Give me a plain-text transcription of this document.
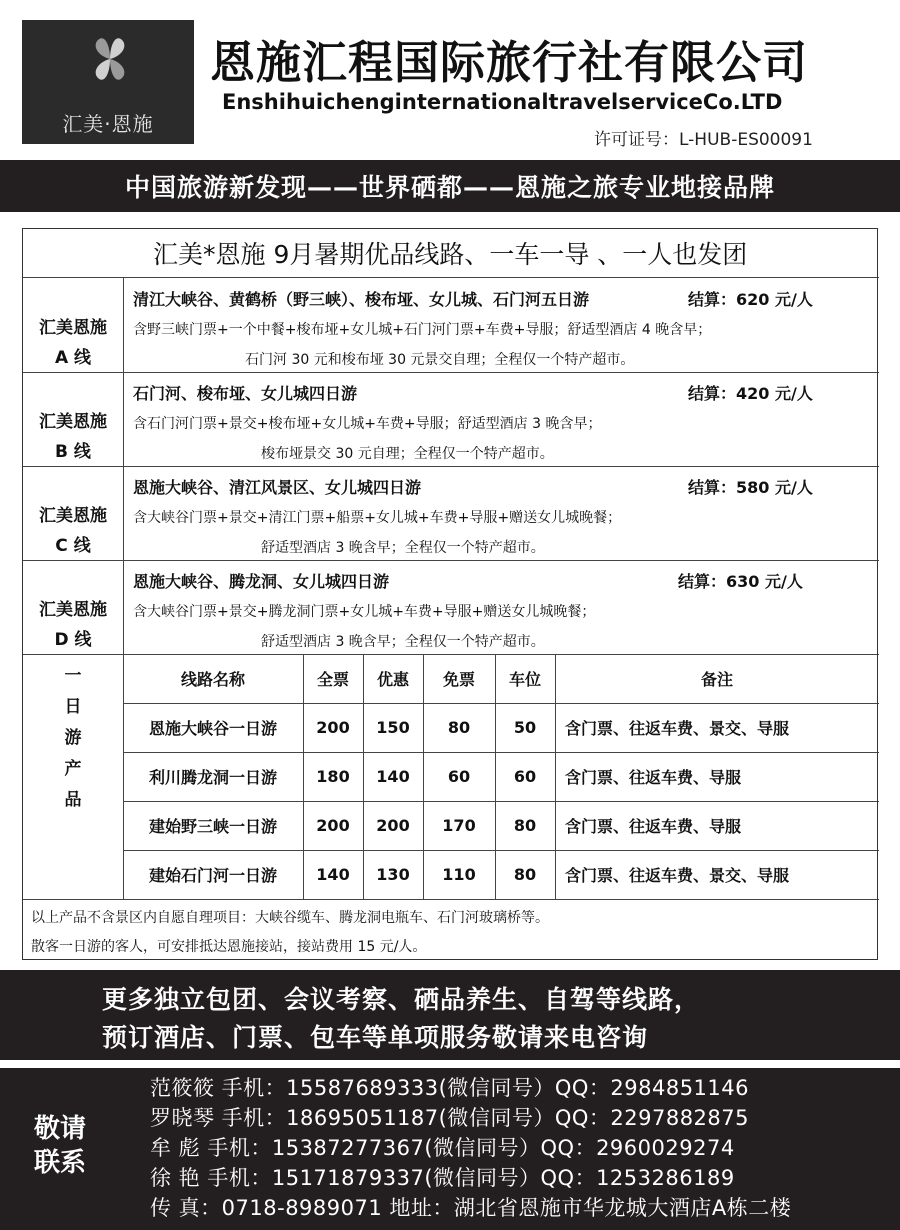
汇美·恩施
恩施汇程国际旅行社有限公司
EnshihuichenginternationaltravelserviceCo.LTD
许可证号：L-HUB-ES00091
中国旅游新发现——世界硒都——恩施之旅专业地接品牌
汇美*恩施 9月暑期优品线路、一车一导 、一人也发团
汇美恩施
A 线
清江大峡谷、黄鹤桥（野三峡）、梭布垭、女儿城、石门河五日游	结算：620 元/人
含野三峡门票+一个中餐+梭布垭+女儿城+石门河门票+车费+导服；舒适型酒店 4 晚含早；
石门河 30 元和梭布垭 30 元景交自理；全程仅一个特产超市。
汇美恩施
B 线
石门河、梭布垭、女儿城四日游	结算：420 元/人
含石门河门票+景交+梭布垭+女儿城+车费+导服；舒适型酒店 3 晚含早；
梭布垭景交 30 元自理；全程仅一个特产超市。
汇美恩施
C 线
恩施大峡谷、清江风景区、女儿城四日游	结算：580 元/人
含大峡谷门票+景交+清江门票+船票+女儿城+车费+导服+赠送女儿城晚餐；
舒适型酒店 3 晚含早；全程仅一个特产超市。
汇美恩施
D 线
恩施大峡谷、腾龙洞、女儿城四日游	结算：630 元/人
含大峡谷门票+景交+腾龙洞门票+女儿城+车费+导服+赠送女儿城晚餐；
舒适型酒店 3 晚含早；全程仅一个特产超市。
一
日
游
产
品
线路名称	全票	优惠	免票	车位	备注
恩施大峡谷一日游	200	150	80	50	含门票、往返车费、景交、导服
利川腾龙洞一日游	180	140	60	60	含门票、往返车费、导服
建始野三峡一日游	200	200	170	80	含门票、往返车费、导服
建始石门河一日游	140	130	110	80	含门票、往返车费、景交、导服
以上产品不含景区内自愿自理项目：大峡谷缆车、腾龙洞电瓶车、石门河玻璃桥等。
散客一日游的客人，可安排抵达恩施接站，接站费用 15 元/人。
更多独立包团、会议考察、硒品养生、自驾等线路，
预订酒店、门票、包车等单项服务敬请来电咨询
敬请
联系
范筱筱 手机：15587689333(微信同号）QQ：2984851146
罗晓琴 手机：18695051187(微信同号）QQ：2297882875
牟 彪 手机：15387277367(微信同号）QQ：2960029274
徐 艳 手机：15171879337(微信同号）QQ：1253286189
传 真：0718-8989071 地址：湖北省恩施市华龙城大酒店A栋二楼
